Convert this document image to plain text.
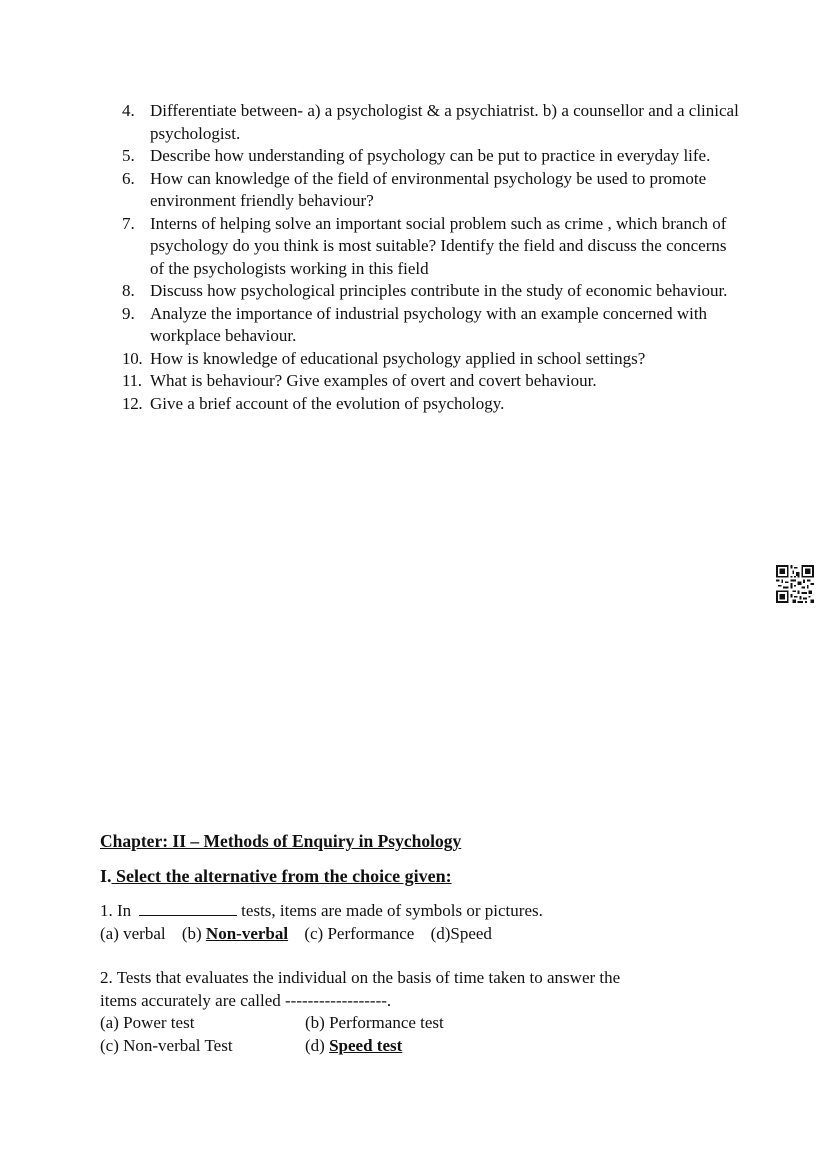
4. Differentiate between- a) a psychologist & a psychiatrist. b) a counsellor and a clinical psychologist.
5. Describe how understanding of psychology can be put to practice in everyday life.
6. How can knowledge of the field of environmental psychology be used to promote environment friendly behaviour?
7. Interns of helping solve an important social problem such as crime , which branch of psychology do you think is most suitable? Identify the field and discuss the concerns of the psychologists working in this field
8. Discuss how psychological principles contribute in the study of economic behaviour.
9. Analyze the importance of industrial psychology with an example concerned with workplace behaviour.
10. How is knowledge of educational psychology applied in school settings?
11. What is behaviour? Give examples of overt and covert behaviour.
12. Give a brief account of the evolution of psychology.
Chapter: II – Methods of Enquiry in Psychology
I. Select the alternative from the choice given:
1. In	tests, items are made of symbols or pictures.
(a) verbal (b) Non-verbal (c) Performance (d)Speed
2. Tests that evaluates the individual on the basis of time taken to answer the
items accurately are called ------------------.
(a) Power test	(b) Performance test
(c) Non-verbal Test	(d) Speed test
